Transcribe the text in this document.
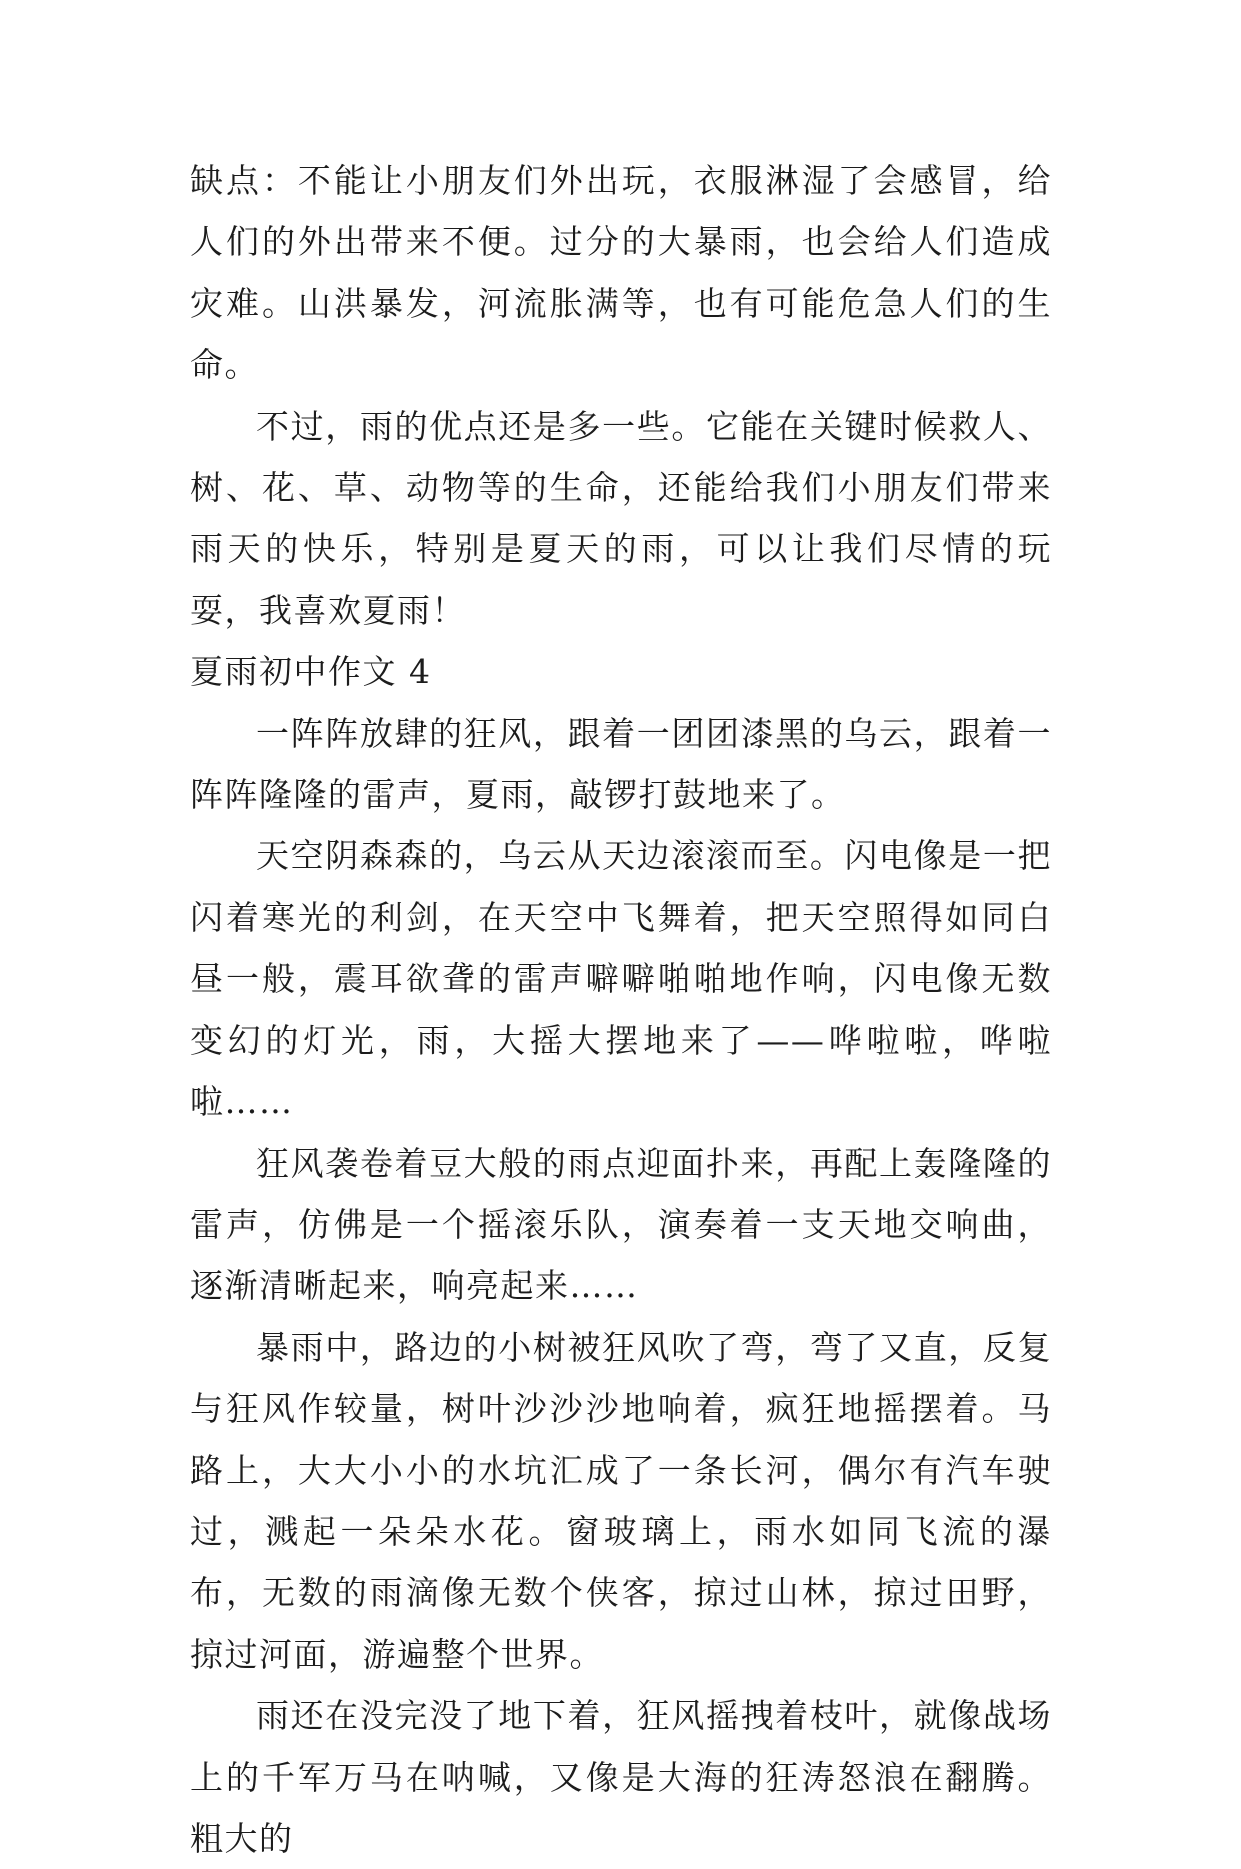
缺点：不能让小朋友们外出玩，衣服淋湿了会感冒，给人们的外出带来不便。过分的大暴雨，也会给人们造成灾难。山洪暴发，河流胀满等，也有可能危急人们的生命。

不过，雨的优点还是多一些。它能在关键时候救人、树、花、草、动物等的生命，还能给我们小朋友们带来雨天的快乐，特别是夏天的雨，可以让我们尽情的玩耍，我喜欢夏雨！

夏雨初中作文 4

一阵阵放肆的狂风，跟着一团团漆黑的乌云，跟着一阵阵隆隆的雷声，夏雨，敲锣打鼓地来了。

天空阴森森的，乌云从天边滚滚而至。闪电像是一把闪着寒光的利剑，在天空中飞舞着，把天空照得如同白昼一般，震耳欲聋的雷声噼噼啪啪地作响，闪电像无数变幻的灯光，雨，大摇大摆地来了——哗啦啦，哗啦啦……

狂风袭卷着豆大般的雨点迎面扑来，再配上轰隆隆的雷声，仿佛是一个摇滚乐队，演奏着一支天地交响曲，逐渐清晰起来，响亮起来……

暴雨中，路边的小树被狂风吹了弯，弯了又直，反复与狂风作较量，树叶沙沙沙地响着，疯狂地摇摆着。马路上，大大小小的水坑汇成了一条长河，偶尔有汽车驶过，溅起一朵朵水花。窗玻璃上，雨水如同飞流的瀑布，无数的雨滴像无数个侠客，掠过山林，掠过田野，掠过河面，游遍整个世界。

雨还在没完没了地下着，狂风摇拽着枝叶，就像战场上的千军万马在呐喊，又像是大海的狂涛怒浪在翻腾。粗大的
